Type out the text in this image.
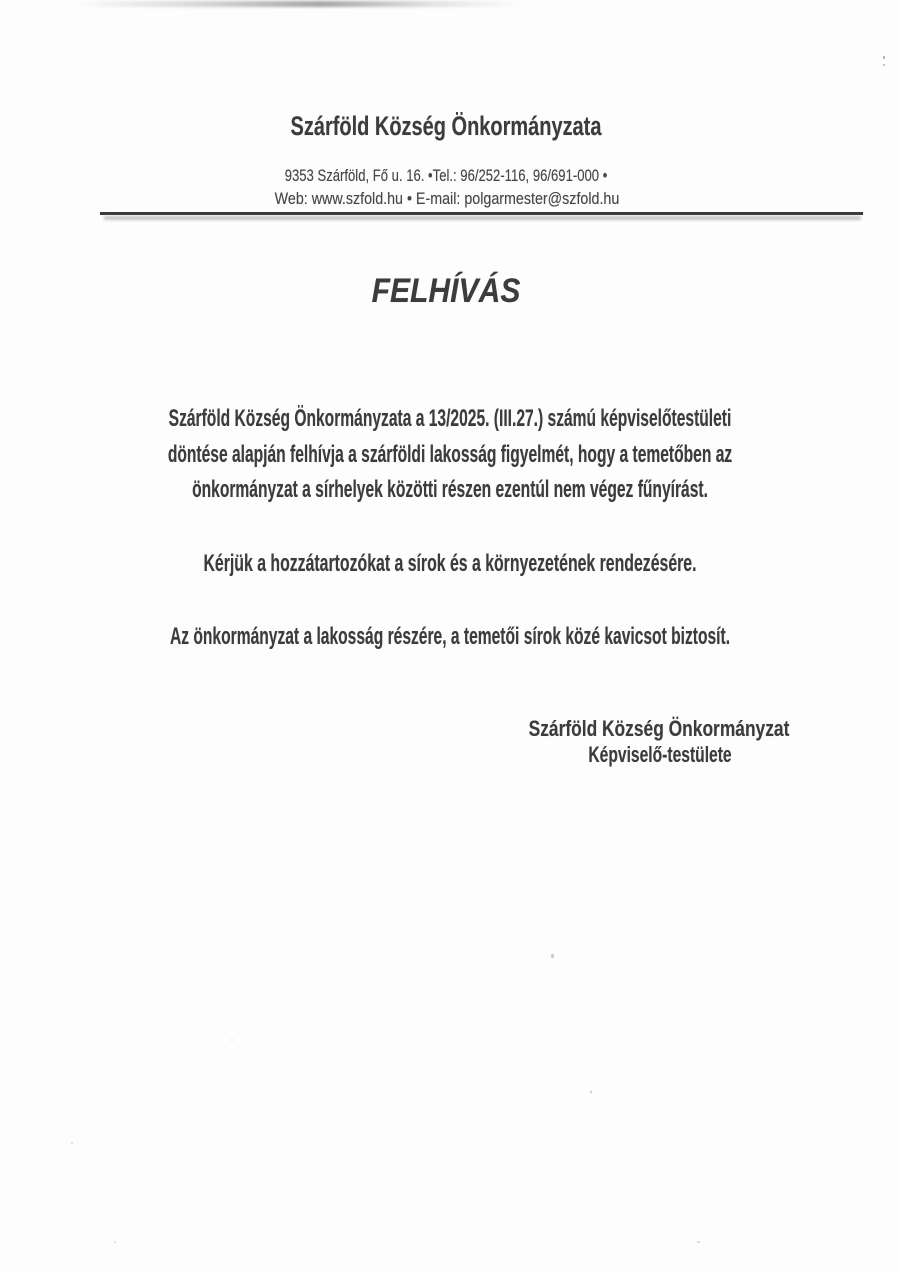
Szárföld Község Önkormányzata
9353 Szárföld, Fő u. 16. •Tel.: 96/252-116, 96/691-000 •
Web: www.szfold.hu • E-mail: polgarmester@szfold.hu
FELHÍVÁS
Szárföld Község Önkormányzata a 13/2025. (III.27.) számú képviselőtestületi
döntése alapján felhívja a szárföldi lakosság figyelmét, hogy a temetőben az
önkormányzat a sírhelyek közötti részen ezentúl nem végez fűnyírást.
Kérjük a hozzátartozókat a sírok és a környezetének rendezésére.
Az önkormányzat a lakosság részére, a temetői sírok közé kavicsot biztosít.
Szárföld Község Önkormányzat
Képviselő-testülete
